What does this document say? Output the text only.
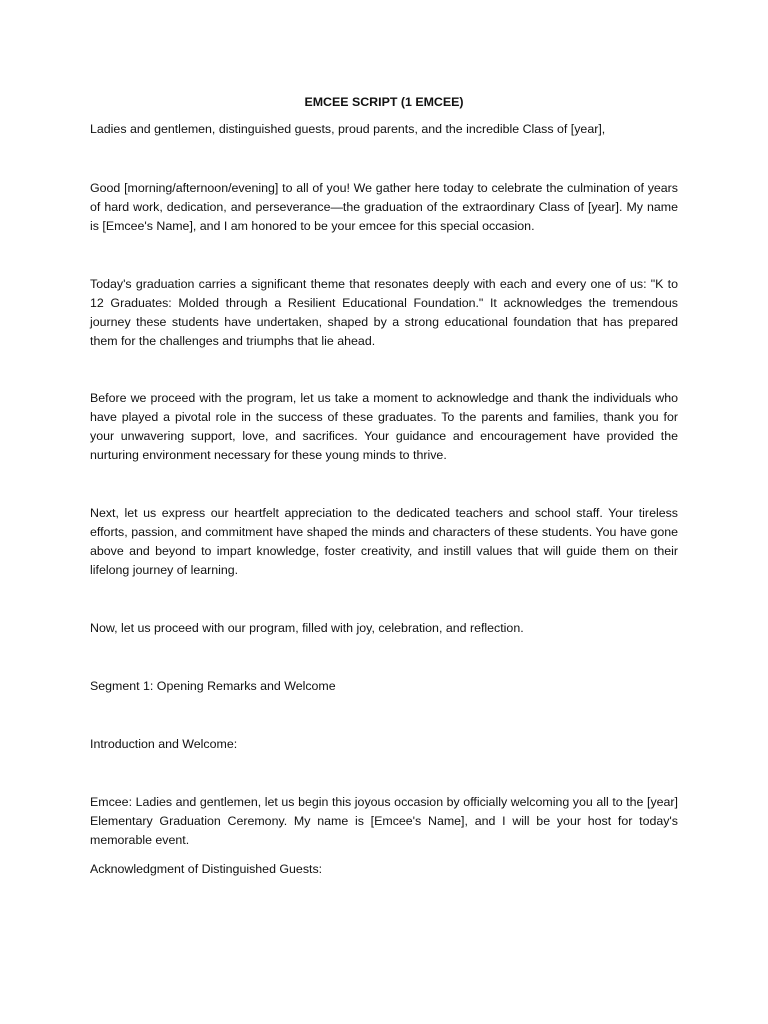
EMCEE SCRIPT (1 EMCEE)

Ladies and gentlemen, distinguished guests, proud parents, and the incredible Class of [year],

Good [morning/afternoon/evening] to all of you! We gather here today to celebrate the culmination of years of hard work, dedication, and perseverance—the graduation of the extraordinary Class of [year]. My name is [Emcee's Name], and I am honored to be your emcee for this special occasion.

Today's graduation carries a significant theme that resonates deeply with each and every one of us: "K to 12 Graduates: Molded through a Resilient Educational Foundation." It acknowledges the tremendous journey these students have undertaken, shaped by a strong educational foundation that has prepared them for the challenges and triumphs that lie ahead.

Before we proceed with the program, let us take a moment to acknowledge and thank the individuals who have played a pivotal role in the success of these graduates. To the parents and families, thank you for your unwavering support, love, and sacrifices. Your guidance and encouragement have provided the nurturing environment necessary for these young minds to thrive.

Next, let us express our heartfelt appreciation to the dedicated teachers and school staff. Your tireless efforts, passion, and commitment have shaped the minds and characters of these students. You have gone above and beyond to impart knowledge, foster creativity, and instill values that will guide them on their lifelong journey of learning.

Now, let us proceed with our program, filled with joy, celebration, and reflection.

Segment 1: Opening Remarks and Welcome

Introduction and Welcome:

Emcee: Ladies and gentlemen, let us begin this joyous occasion by officially welcoming you all to the [year] Elementary Graduation Ceremony. My name is [Emcee's Name], and I will be your host for today's memorable event.

Acknowledgment of Distinguished Guests:
